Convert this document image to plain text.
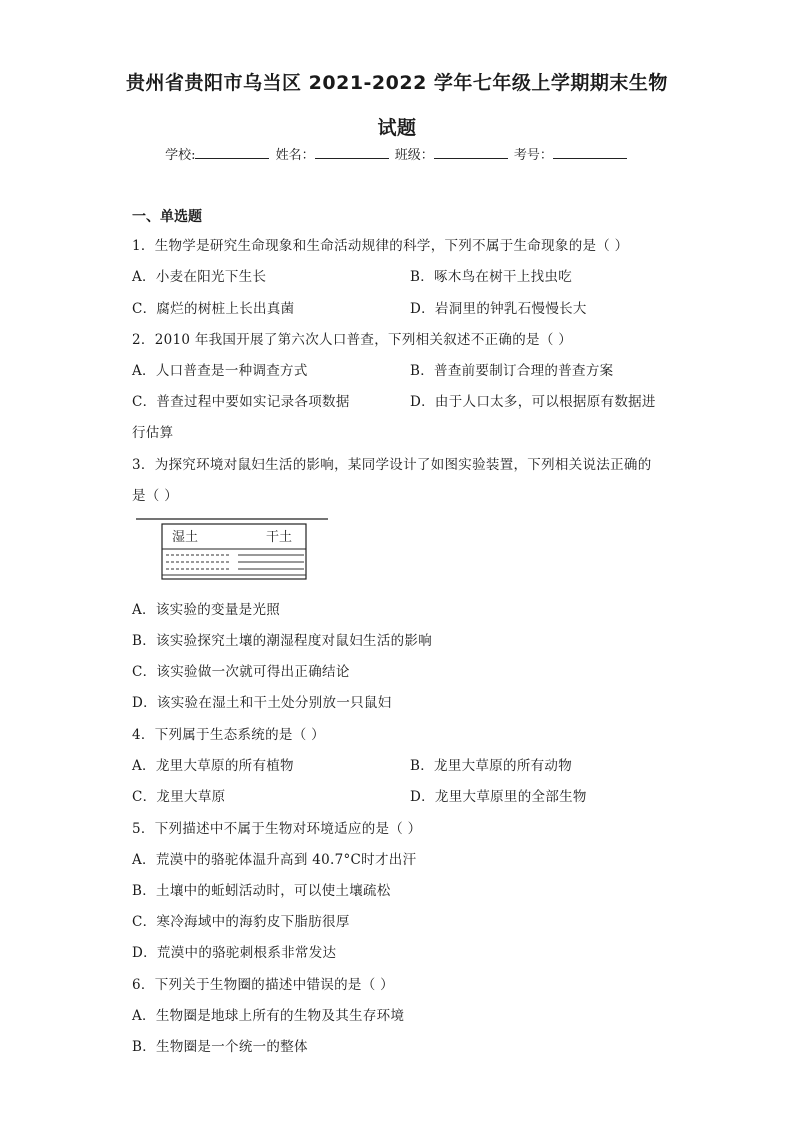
贵州省贵阳市乌当区 2021-2022 学年七年级上学期期末生物
试题
学校:	姓名：	班级：	考号：
一、单选题
1．生物学是研究生命现象和生命活动规律的科学，下列不属于生命现象的是（ ）
A．小麦在阳光下生长	B．啄木鸟在树干上找虫吃
C．腐烂的树桩上长出真菌	D．岩洞里的钟乳石慢慢长大
2．2010 年我国开展了第六次人口普查，下列相关叙述不正确的是（ ）
A．人口普查是一种调查方式	B．普查前要制订合理的普查方案
C．普查过程中要如实记录各项数据	D．由于人口太多，可以根据原有数据进
行估算
3．为探究环境对鼠妇生活的影响，某同学设计了如图实验装置，下列相关说法正确的
是（ ）
湿土	干土
A．该实验的变量是光照
B．该实验探究土壤的潮湿程度对鼠妇生活的影响
C．该实验做一次就可得出正确结论
D．该实验在湿土和干土处分别放一只鼠妇
4．下列属于生态系统的是（ ）
A．龙里大草原的所有植物	B．龙里大草原的所有动物
C．龙里大草原	D．龙里大草原里的全部生物
5．下列描述中不属于生物对环境适应的是（ ）
A．荒漠中的骆驼体温升高到 40.7°C时才出汗
B．土壤中的蚯蚓活动时，可以使土壤疏松
C．寒冷海域中的海豹皮下脂肪很厚
D．荒漠中的骆驼刺根系非常发达
6．下列关于生物圈的描述中错误的是（ ）
A．生物圈是地球上所有的生物及其生存环境
B．生物圈是一个统一的整体
